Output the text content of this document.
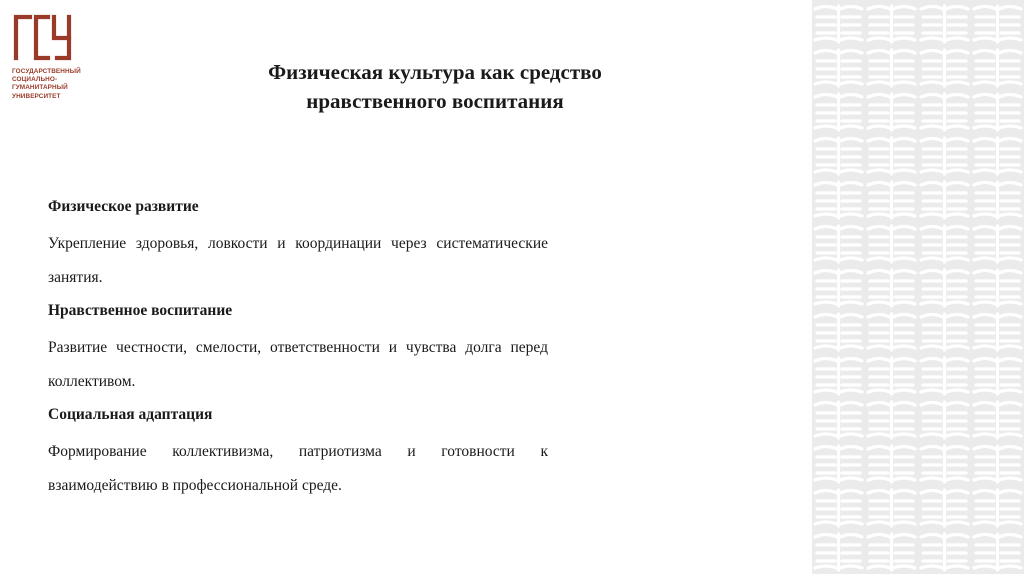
ГОСУДАРСТВЕННЫЙ
СОЦИАЛЬНО-
ГУМАНИТАРНЫЙ
УНИВЕРСИТЕТ
Физическая культура как средство
нравственного воспитания
Физическое развитие
Укрепление здоровья, ловкости и координации через систематические занятия.
Нравственное воспитание
Развитие честности, смелости, ответственности и чувства долга перед коллективом.
Социальная адаптация
Формирование коллективизма, патриотизма и готовности к взаимодействию в профессиональной среде.
